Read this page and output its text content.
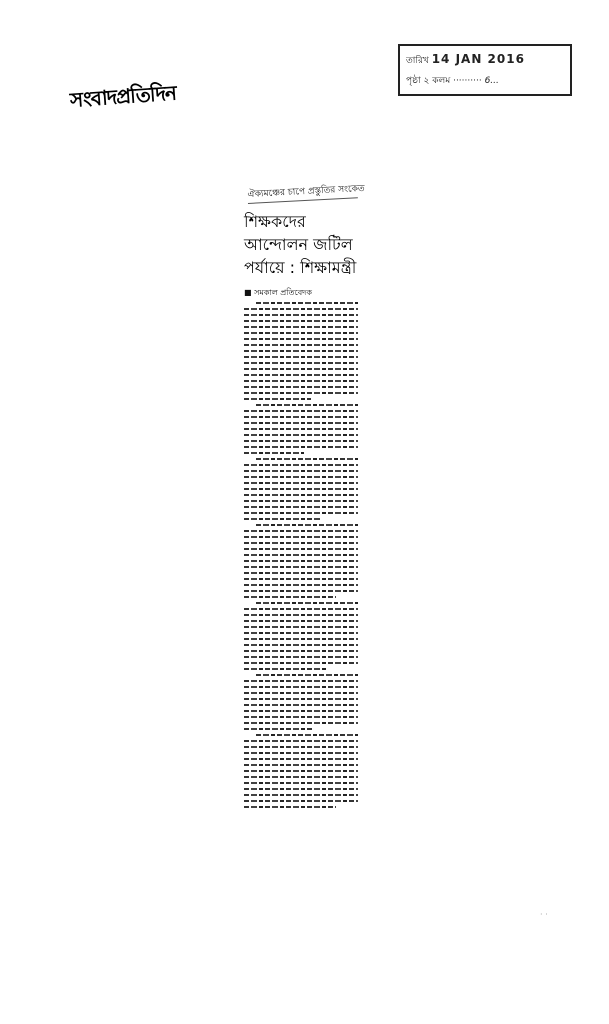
তারিখ 14 JAN 2016
পৃষ্ঠা ২ কলম ·········· 6...
সংবাদপ্রতিদিন
ঐক্যমঞ্চের চাপে প্রস্তুতির সংকেত
শিক্ষকদের
আন্দোলন জটিল
পর্যায়ে : শিক্ষামন্ত্রী
■ সমকাল প্রতিবেদক
· ·
